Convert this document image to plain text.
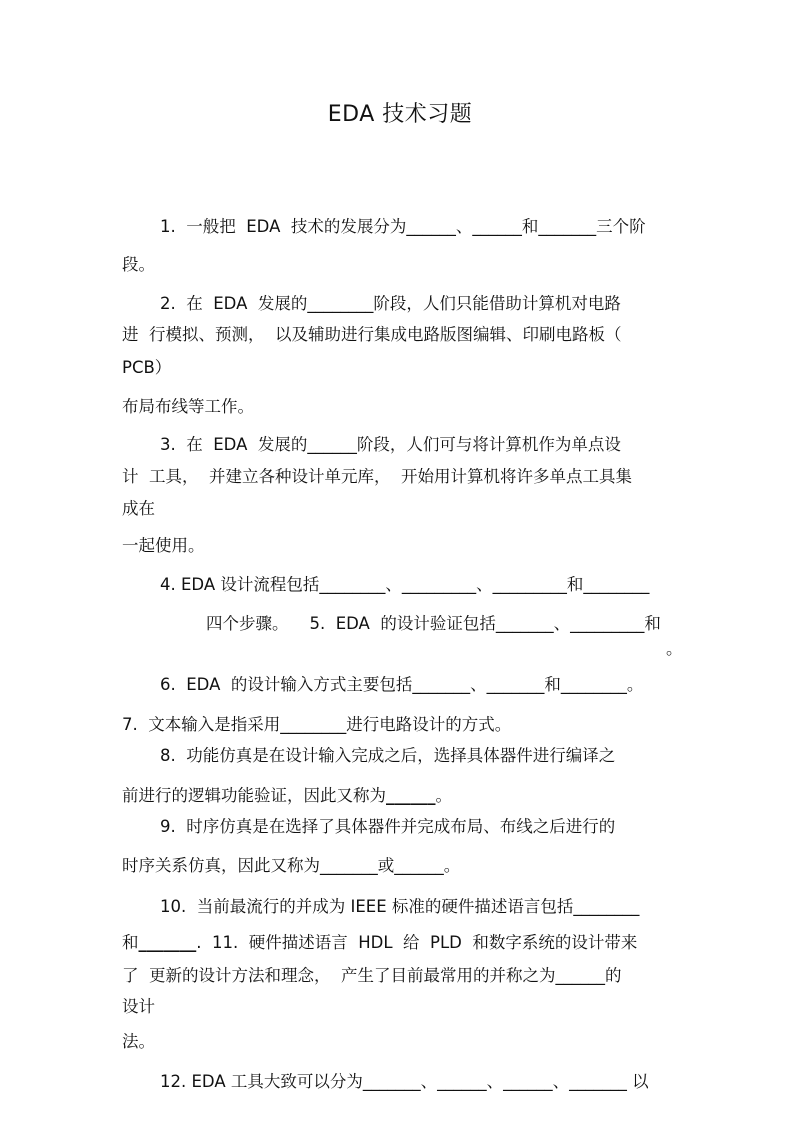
EDA 技术习题
1.  一般把  EDA  技术的发展分为______、______和_______三个阶
段。
2.  在  EDA  发展的________阶段，人们只能借助计算机对电路
进  行模拟、预测，  以及辅助进行集成电路版图编辑、印刷电路板（
PCB）
布局布线等工作。
3.  在  EDA  发展的______阶段，人们可与将计算机作为单点设
计  工具，  并建立各种设计单元库，  开始用计算机将许多单点工具集
成在
一起使用。
4. EDA 设计流程包括________、_________、_________和________
四个步骤。    5.  EDA  的设计验证包括_______、_________和
。
6.  EDA  的设计输入方式主要包括_______、_______和________。
7.  文本输入是指采用________进行电路设计的方式。
8.  功能仿真是在设计输入完成之后，选择具体器件进行编译之
前进行的逻辑功能验证，因此又称为______。
9.  时序仿真是在选择了具体器件并完成布局、布线之后进行的
时序关系仿真，因此又称为_______或______。
10.  当前最流行的并成为 IEEE 标准的硬件描述语言包括________
和_______.  11.  硬件描述语言  HDL  给  PLD  和数字系统的设计带来
了  更新的设计方法和理念，  产生了目前最常用的并称之为______的
设计
法。
12. EDA 工具大致可以分为_______、______、______、_______ 以
